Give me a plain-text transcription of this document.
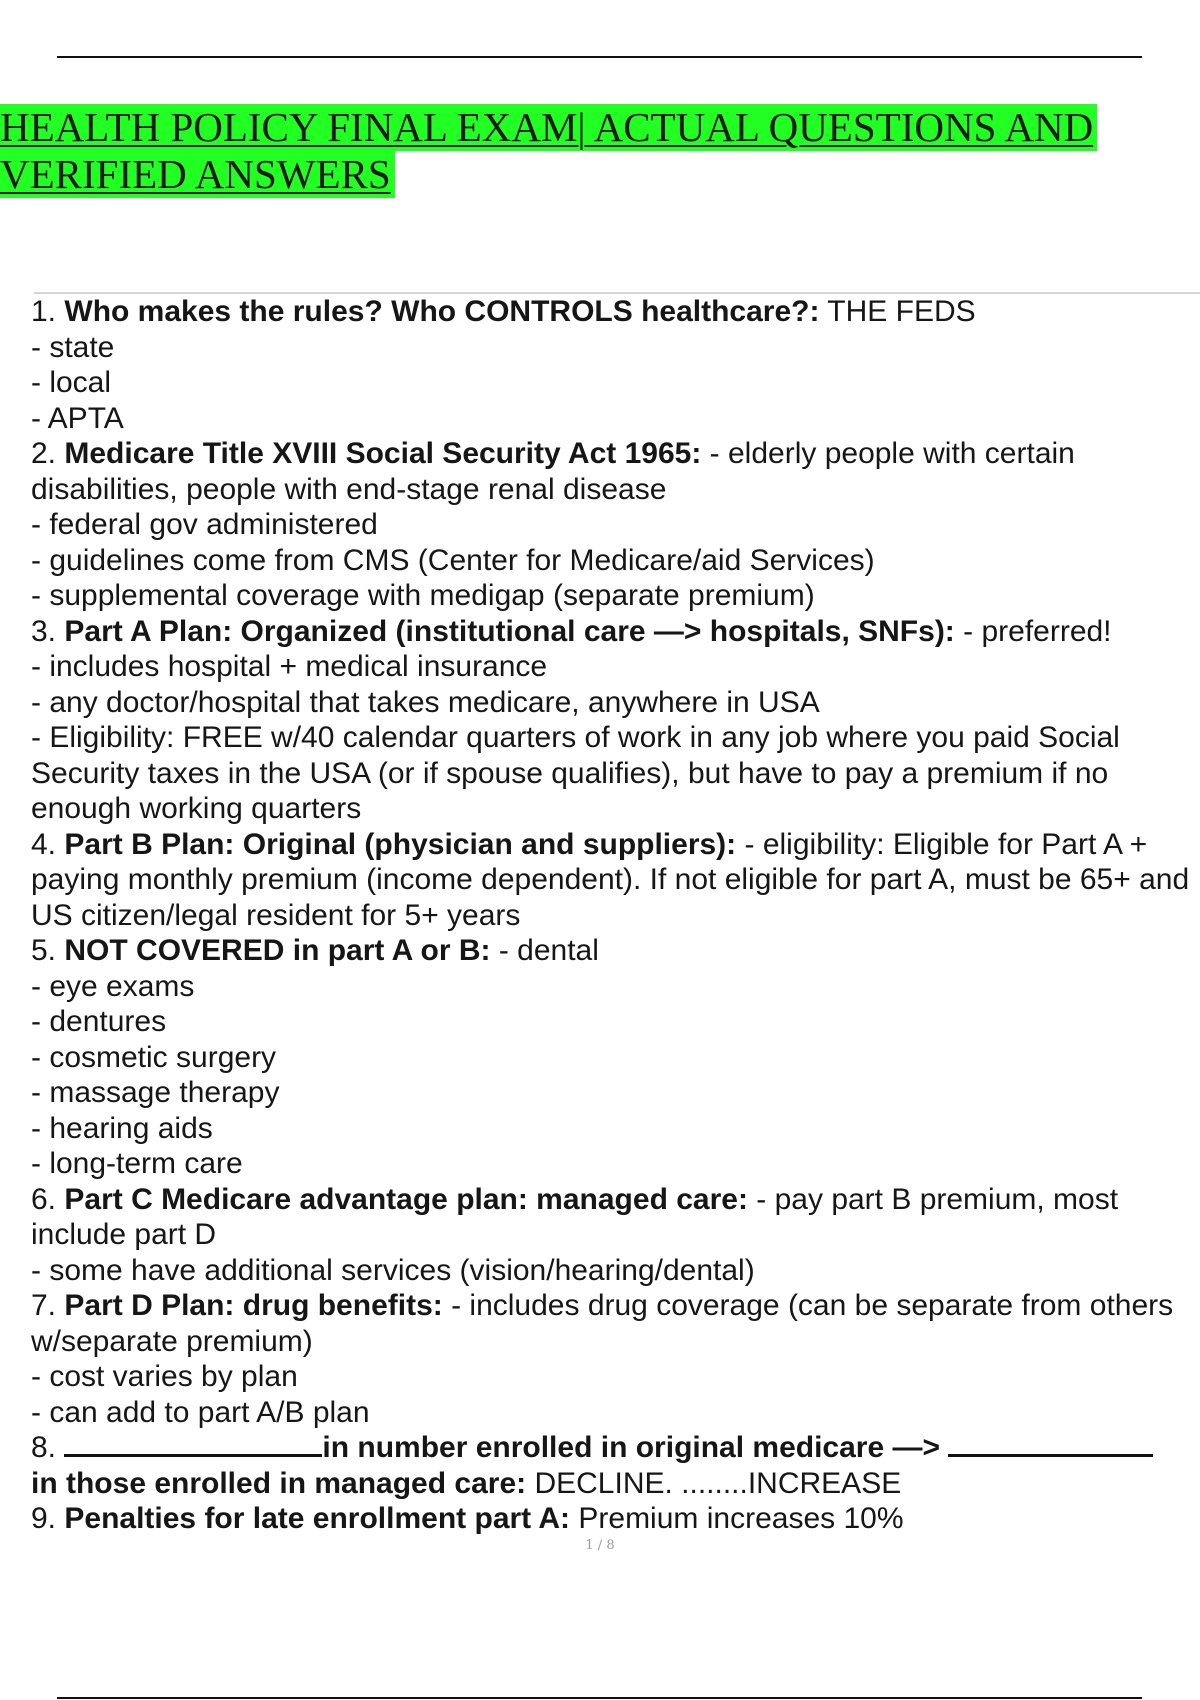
HEALTH POLICY FINAL EXAM| ACTUAL QUESTIONS AND
VERIFIED ANSWERS
1. Who makes the rules? Who CONTROLS healthcare?: THE FEDS
- state
- local
- APTA
2. Medicare Title XVIII Social Security Act 1965: - elderly people with certain disabilities, people with end-stage renal disease
- federal gov administered
- guidelines come from CMS (Center for Medicare/aid Services)
- supplemental coverage with medigap (separate premium)
3. Part A Plan: Organized (institutional care —> hospitals, SNFs): - preferred!
- includes hospital + medical insurance
- any doctor/hospital that takes medicare, anywhere in USA
- Eligibility: FREE w/40 calendar quarters of work in any job where you paid Social Security taxes in the USA (or if spouse qualifies), but have to pay a premium if no enough working quarters
4. Part B Plan: Original (physician and suppliers): - eligibility: Eligible for Part A + paying monthly premium (income dependent). If not eligible for part A, must be 65+ and US citizen/legal resident for 5+ years
5. NOT COVERED in part A or B: - dental
- eye exams
- dentures
- cosmetic surgery
- massage therapy
- hearing aids
- long-term care
6. Part C Medicare advantage plan: managed care: - pay part B premium, most include part D
- some have additional services (vision/hearing/dental)
7. Part D Plan: drug benefits: - includes drug coverage (can be separate from others w/separate premium)
- cost varies by plan
- can add to part A/B plan
8.	in number enrolled in original medicare —>
in those enrolled in managed care: DECLINE. ........INCREASE
9. Penalties for late enrollment part A: Premium increases 10%
1 / 8
